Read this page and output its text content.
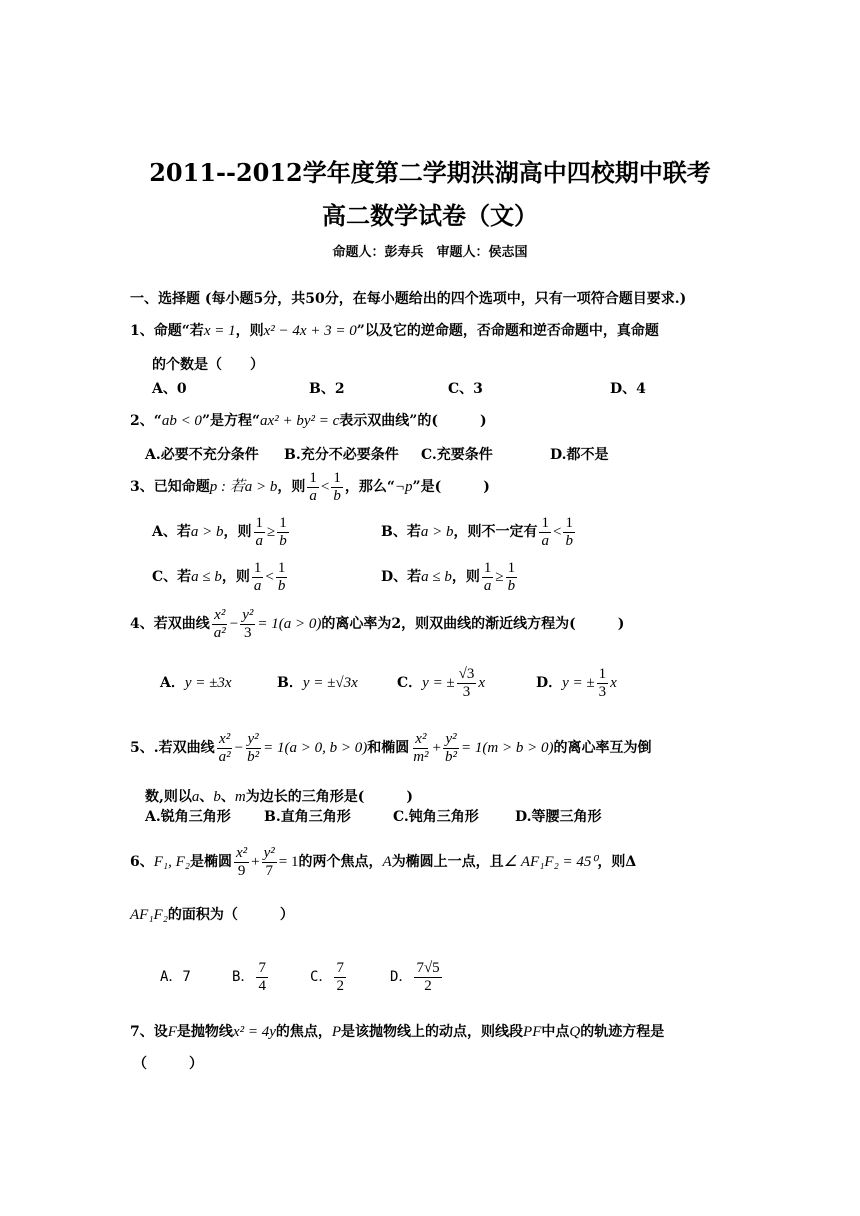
2011--2012学年度第二学期洪湖高中四校期中联考
高二数学试卷（文）
命题人：彭寿兵　审题人：侯志国
一、选择题 (每小题5分，共50分，在每小题给出的四个选项中，只有一项符合题目要求.)
1、命题“若x = 1，则x² − 4x + 3 = 0”以及它的逆命题，否命题和逆否命题中，真命题
的个数是（　　）
A、0	B、2	C、3	D、4
2、“ab < 0”是方程“ax² + by² = c表示双曲线”的(　　　)
A.必要不充分条件 B.充分不必要条件 C.充要条件	D.都不是
3、已知命题p : 若a > b，则 $\frac{1}{a} < \frac{1}{b}$ ，那么“¬p”是(　　　)
A、若a > b，则 $\frac{1}{a} \ge \frac{1}{b}$	B、若a > b，则不一定有 $\frac{1}{a} < \frac{1}{b}$
C、若a ≤ b，则 $\frac{1}{a} < \frac{1}{b}$	D、若a ≤ b，则 $\frac{1}{a} \ge \frac{1}{b}$
4、若双曲线 $\frac{\text{x²}}{\text{a²}} - \frac{\text{y²}}{3} = 1(a > 0)$的离心率为2，则双曲线的渐近线方程为(　　　)
A．y = ±3x	B．y = ±√3x	C．y = ± $\frac{√3}{3}$ x	D．y = ± $\frac{1}{3}$ x
5、.若双曲线 $\frac{\text{x²}}{\text{a²}} - \frac{\text{y²}}{\text{b²}} = 1(a > 0$, b > 0)和椭圆 $\frac{\text{x²}}{\text{m²}} + \frac{\text{y²}}{\text{b²}} = 1(m > b > 0)$的离心率互为倒
数,则以a、b、m为边长的三角形是(　　　)
A.锐角三角形 B.直角三角形	C.钝角三角形	D.等腰三角形
6、F₁, F₂是椭圆 $\frac{\text{x²}}{9} + \frac{\text{y²}}{7} = 1$的两个焦点，A为椭圆上一点，且∠ AF₁F₂ = 45⁰，则Δ
AF₁F₂的面积为（　　　）
A．7	B． $\frac{7}{4}$	C． $\frac{7}{2}$	D． $\frac{7√5}{2}$
7、设F是抛物线x² = 4y的焦点，P是该抛物线上的动点，则线段PF中点Q的轨迹方程是
（　　　）
